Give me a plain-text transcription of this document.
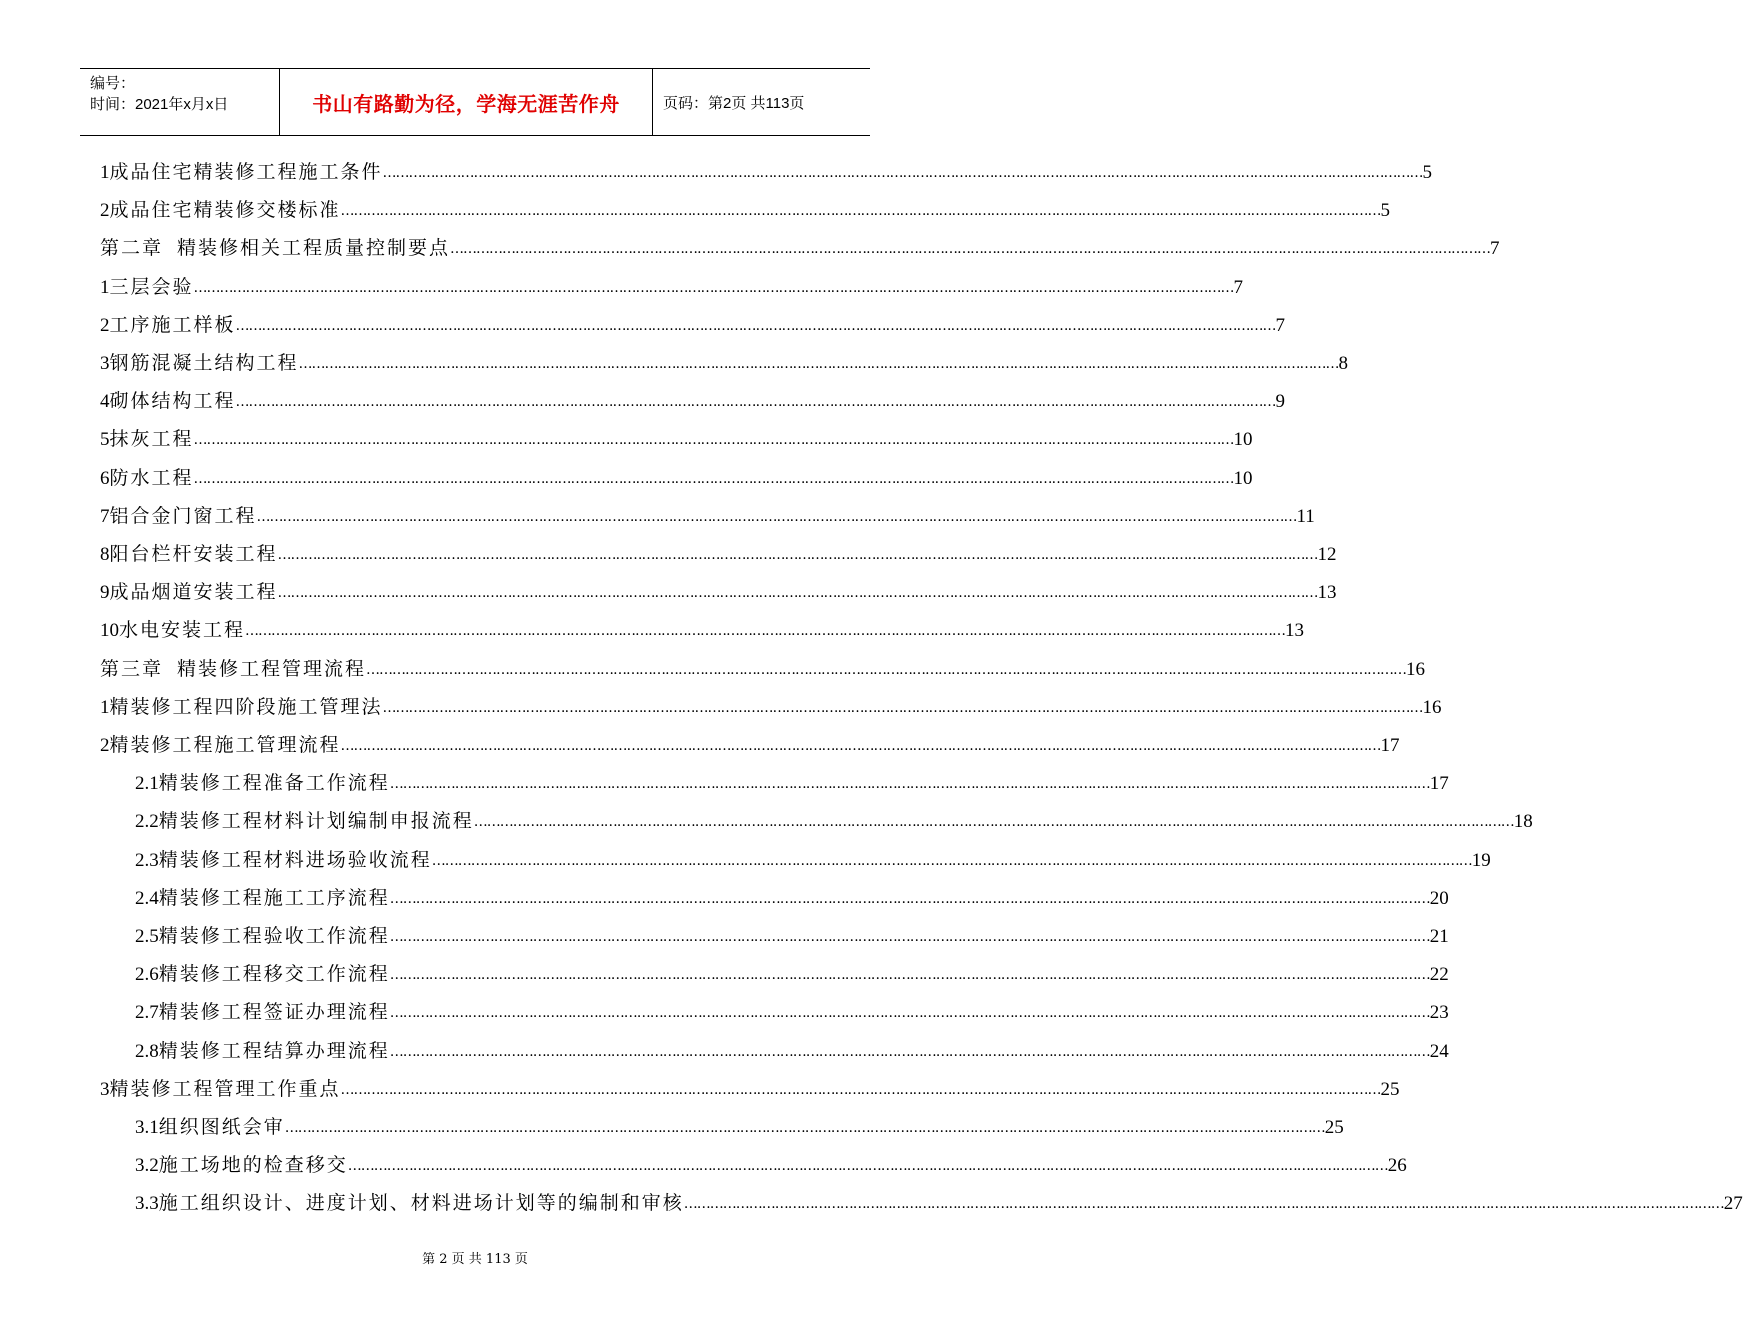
编号：
时间：2021年x月x日	书山有路勤为径，学海无涯苦作舟	页码：第2页 共113页
1 成品住宅精装修工程施工条件 …………………………………………………………………………………………………………………………………………………………………………………………………………………… 5
2 成品住宅精装修交楼标准 …………………………………………………………………………………………………………………………………………………………………………………………………………………… 5
第二章 精装修相关工程质量控制要点 …………………………………………………………………………………………………………………………………………………………………………………………………………………… 7
1 三层会验 …………………………………………………………………………………………………………………………………………………………………………………………………………………… 7
2 工序施工样板 …………………………………………………………………………………………………………………………………………………………………………………………………………………… 7
3 钢筋混凝土结构工程 …………………………………………………………………………………………………………………………………………………………………………………………………………………… 8
4 砌体结构工程 …………………………………………………………………………………………………………………………………………………………………………………………………………………… 9
5 抹灰工程 …………………………………………………………………………………………………………………………………………………………………………………………………………………… 10
6 防水工程 …………………………………………………………………………………………………………………………………………………………………………………………………………………… 10
7 铝合金门窗工程 …………………………………………………………………………………………………………………………………………………………………………………………………………………… 11
8 阳台栏杆安装工程 …………………………………………………………………………………………………………………………………………………………………………………………………………………… 12
9 成品烟道安装工程 …………………………………………………………………………………………………………………………………………………………………………………………………………………… 13
10 水电安装工程 …………………………………………………………………………………………………………………………………………………………………………………………………………………… 13
第三章 精装修工程管理流程 …………………………………………………………………………………………………………………………………………………………………………………………………………………… 16
1 精装修工程四阶段施工管理法 …………………………………………………………………………………………………………………………………………………………………………………………………………………… 16
2 精装修工程施工管理流程 …………………………………………………………………………………………………………………………………………………………………………………………………………………… 17
2.1 精装修工程准备工作流程 …………………………………………………………………………………………………………………………………………………………………………………………………………………… 17
2.2 精装修工程材料计划编制申报流程 …………………………………………………………………………………………………………………………………………………………………………………………………………………… 18
2.3 精装修工程材料进场验收流程 …………………………………………………………………………………………………………………………………………………………………………………………………………………… 19
2.4 精装修工程施工工序流程 …………………………………………………………………………………………………………………………………………………………………………………………………………………… 20
2.5 精装修工程验收工作流程 …………………………………………………………………………………………………………………………………………………………………………………………………………………… 21
2.6 精装修工程移交工作流程 …………………………………………………………………………………………………………………………………………………………………………………………………………………… 22
2.7 精装修工程签证办理流程 …………………………………………………………………………………………………………………………………………………………………………………………………………………… 23
2.8 精装修工程结算办理流程 …………………………………………………………………………………………………………………………………………………………………………………………………………………… 24
3 精装修工程管理工作重点 …………………………………………………………………………………………………………………………………………………………………………………………………………………… 25
3.1 组织图纸会审 …………………………………………………………………………………………………………………………………………………………………………………………………………………… 25
3.2 施工场地的检查移交 …………………………………………………………………………………………………………………………………………………………………………………………………………………… 26
3.3 施工组织设计、进度计划、材料进场计划等的编制和审核 …………………………………………………………………………………………………………………………………………………………………………………………………………………… 27
第 2 页 共 113 页
